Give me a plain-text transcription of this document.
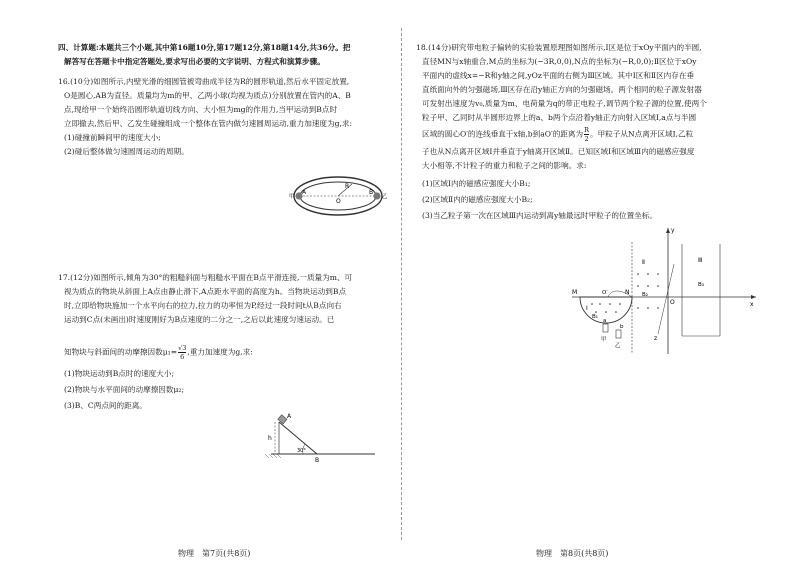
四、计算题:本题共三个小题,其中第16题10分,第17题12分,第18题14分,共36分。把
解答写在答题卡中指定答题处,要求写出必要的文字说明、方程式和演算步骤。
16.(10分)如图所示,内壁光滑的细圆管被弯曲成半径为R的圆形轨道,然后水平固定放置,
O是圆心,AB为直径。质量均为m的甲、乙两小球(均视为质点)分别放置在管内的A、B
点,现给甲一个始终沿圆形轨道切线方向、大小恒为mg的作用力,当甲运动到B点时
立即撤去,然后甲、乙发生碰撞组成一个整体在管内做匀速圆周运动,重力加速度为g,求:
(1)碰撞前瞬间甲的速度大小;
(2)碰后整体做匀速圆周运动的周期。
A	B
O
R
甲	乙
17.(12分)如图所示,倾角为30°的粗糙斜面与粗糙水平面在B点平滑连接,一质量为m、可
视为质点的物块从斜面上A点由静止滑下,A点距水平面的高度为h。当物块运动到B点
时,立即给物块施加一个水平向右的拉力,拉力的功率恒为P,经过一段时间t从B点向右
运动到C点(未画出)时速度刚好为B点速度的二分之一,之后以此速度匀速运动。已
知物块与斜面间的动摩擦因数$\mu_1= \frac{√3}{6}$ ,重力加速度为g,求:
(1)物块运动到B点时的速度大小;
(2)物块与水平面间的动摩擦因数μ₂;
(3)B、C两点间的距离。
A
h
30°
B
18.(14分)研究带电粒子偏转的实验装置原理图如图所示,Ⅰ区是位于xOy平面内的半圆,
直径MN与x轴重合,M点的坐标为(−3R,0,0),N点的坐标为(−R,0,0);Ⅱ区位于xOy
平面内的虚线x=−R和y轴之间,yOz平面的右侧为Ⅲ区域。其中Ⅰ区和Ⅱ区内存在垂
直纸面向外的匀强磁场,Ⅲ区存在沿y轴正方向的匀强磁场。两个相同的粒子源发射器
可发射出速度为v₀,质量为m、电荷量为q的带正电粒子,调节两个粒子源的位置,使两个
粒子甲、乙同时从半圆形边界上的a、b两个点沿着y轴正方向射入区域Ⅰ,a点与半圆
区域的圆心O′的连线垂直于x轴,b到aO′的距离为 $\frac{R}{2}$ 。甲粒子从N点离开区域Ⅰ,乙粒
子也从N点离开区域Ⅰ并垂直于y轴离开区域Ⅱ。已知区域Ⅰ和区域Ⅲ内的磁感应强度
大小相等,不计粒子的重力和粒子之间的影响。求:
(1)区域Ⅰ内的磁感应强度大小B₁;
(2)区域Ⅱ内的磁感应强度大小B₂;
(3)当乙粒子第一次在区域Ⅲ内运动到离y轴最远时甲粒子的位置坐标。
y
x
z
M	N
O
O′
Ⅰ
Ⅱ	Ⅲ
B₁
B₂
B₃
a
b
甲
乙
物理　第7页(共8页)	物理　第8页(共8页)
